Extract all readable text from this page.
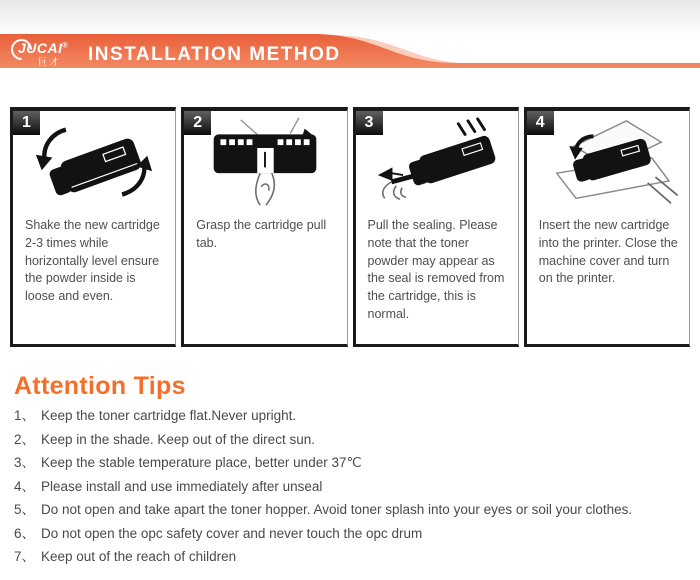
JUCAI®
巨才 INSTALLATION METHOD
1

Shake the new cartridge 2-3 times while horizontally level ensure the powder inside is loose and even.

2

Grasp the cartridge pull tab.

3

Pull the sealing. Please note that the toner powder may appear as the seal is removed from the cartridge, this is normal.

4

Insert the new cartridge into the printer. Close the machine cover and turn on the printer.

Attention Tips
1、 Keep the toner cartridge flat.Never upright.
2、 Keep in the shade. Keep out of the direct sun.
3、 Keep the stable temperature place, better under 37℃
4、 Please install and use immediately after unseal
5、 Do not open and take apart the toner hopper. Avoid toner splash into your eyes or soil your clothes.
6、 Do not open the opc safety cover and never touch the opc drum
7、 Keep out of the reach of children
